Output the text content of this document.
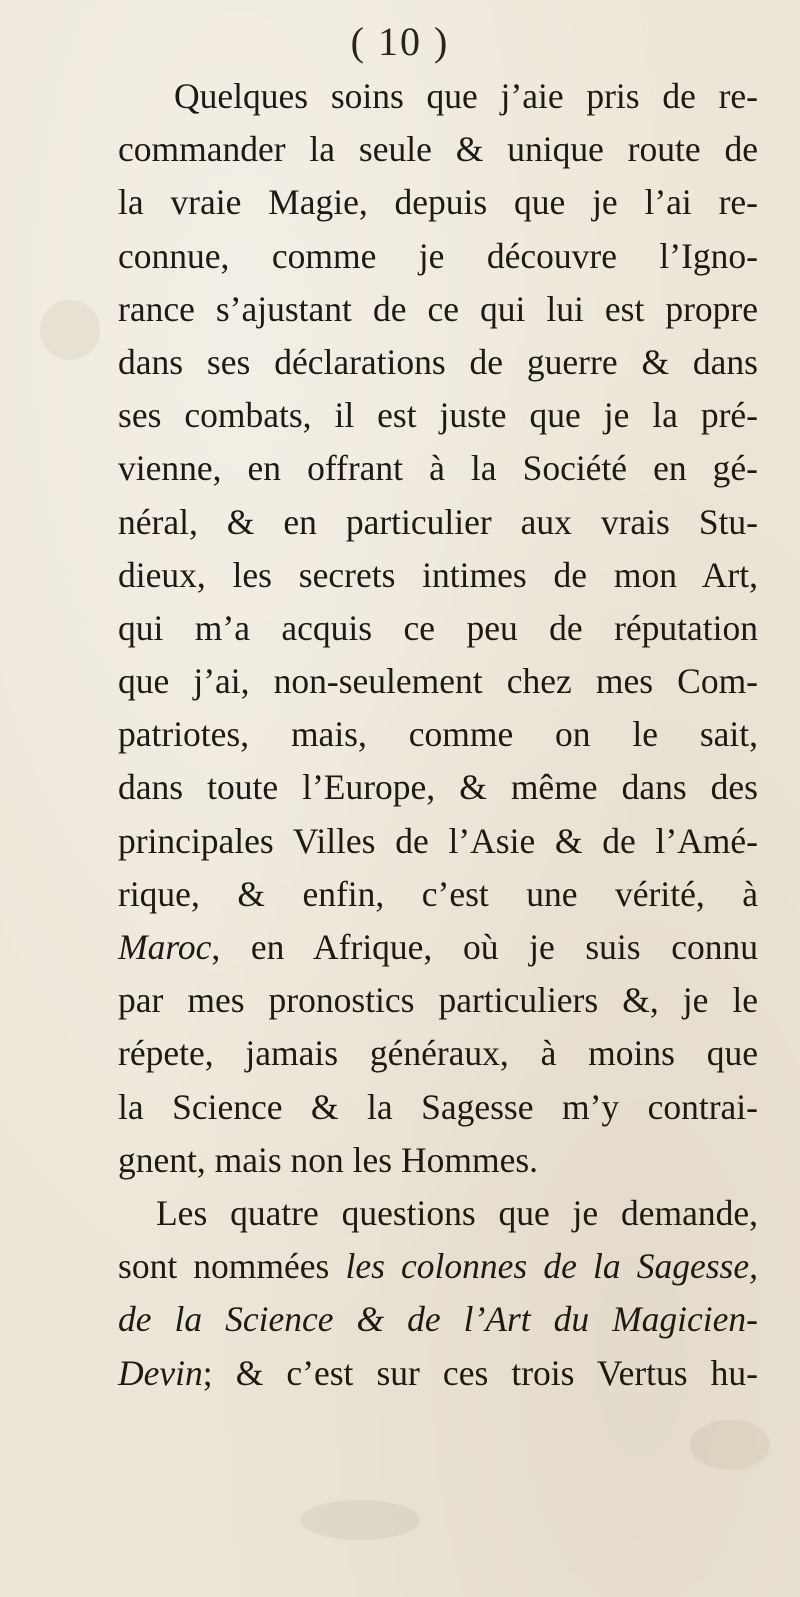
( 10 )
Quelques soins que j’aie pris de re-
commander la seule & unique route de
la vraie Magie, depuis que je l’ai re-
connue, comme je découvre l’Igno-
rance s’ajustant de ce qui lui est propre
dans ses déclarations de guerre & dans
ses combats, il est juste que je la pré-
vienne, en offrant à la Société en gé-
néral, & en particulier aux vrais Stu-
dieux, les secrets intimes de mon Art,
qui m’a acquis ce peu de réputation
que j’ai, non-seulement chez mes Com-
patriotes, mais, comme on le sait,
dans toute l’Europe, & même dans des
principales Villes de l’Asie & de l’Amé-
rique, & enfin, c’est une vérité, à
Maroc, en Afrique, où je suis connu
par mes pronostics particuliers &, je le
répete, jamais généraux, à moins que
la Science & la Sagesse m’y contrai-
gnent, mais non les Hommes.
Les quatre questions que je demande,
sont nommées les colonnes de la Sagesse,
de la Science & de l’Art du Magicien-
Devin; & c’est sur ces trois Vertus hu-
